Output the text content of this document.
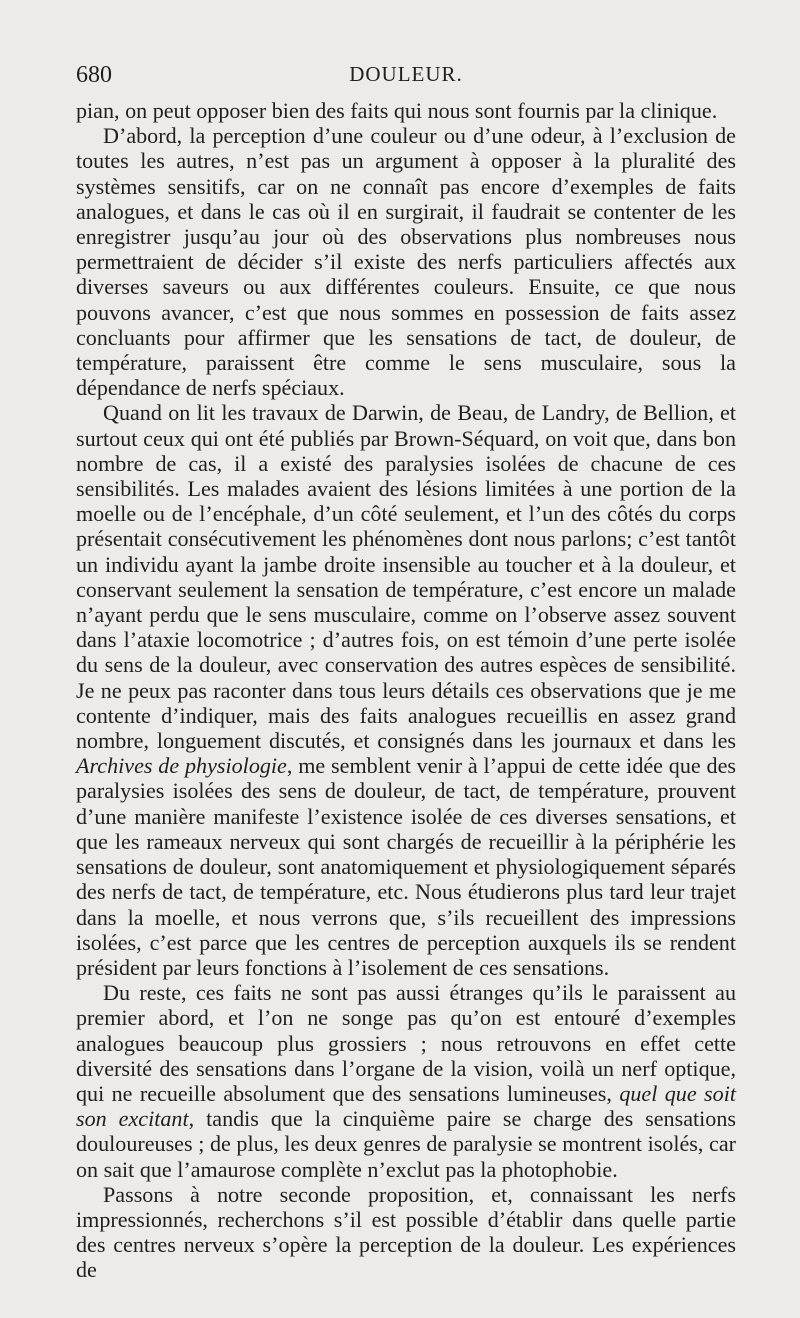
680	DOULEUR.

pian, on peut opposer bien des faits qui nous sont fournis par la clinique.

D’abord, la perception d’une couleur ou d’une odeur, à l’exclusion de toutes les autres, n’est pas un argument à opposer à la pluralité des systèmes sensitifs, car on ne connaît pas encore d’exemples de faits analogues, et dans le cas où il en surgirait, il faudrait se contenter de les enregistrer jusqu’au jour où des observations plus nombreuses nous permettraient de décider s’il existe des nerfs particuliers affectés aux diverses saveurs ou aux différentes couleurs. Ensuite, ce que nous pouvons avancer, c’est que nous sommes en possession de faits assez concluants pour affirmer que les sensations de tact, de douleur, de température, paraissent être comme le sens musculaire, sous la dépendance de nerfs spéciaux.

Quand on lit les travaux de Darwin, de Beau, de Landry, de Bellion, et surtout ceux qui ont été publiés par Brown-Séquard, on voit que, dans bon nombre de cas, il a existé des paralysies isolées de chacune de ces sensibilités. Les malades avaient des lésions limitées à une portion de la moelle ou de l’encéphale, d’un côté seulement, et l’un des côtés du corps présentait consécutivement les phénomènes dont nous parlons; c’est tantôt un individu ayant la jambe droite insensible au toucher et à la douleur, et conservant seulement la sensation de température, c’est encore un malade n’ayant perdu que le sens musculaire, comme on l’observe assez souvent dans l’ataxie locomotrice ; d’autres fois, on est témoin d’une perte isolée du sens de la douleur, avec conservation des autres espèces de sensibilité. Je ne peux pas raconter dans tous leurs détails ces observations que je me contente d’indiquer, mais des faits analogues recueillis en assez grand nombre, longuement discutés, et consignés dans les journaux et dans les Archives de physiologie, me semblent venir à l’appui de cette idée que des paralysies isolées des sens de douleur, de tact, de température, prouvent d’une manière manifeste l’existence isolée de ces diverses sensations, et que les rameaux nerveux qui sont chargés de recueillir à la périphérie les sensations de douleur, sont anatomiquement et physiologiquement séparés des nerfs de tact, de température, etc. Nous étudierons plus tard leur trajet dans la moelle, et nous verrons que, s’ils recueillent des impressions isolées, c’est parce que les centres de perception auxquels ils se rendent président par leurs fonctions à l’isolement de ces sensations.

Du reste, ces faits ne sont pas aussi étranges qu’ils le paraissent au premier abord, et l’on ne songe pas qu’on est entouré d’exemples analogues beaucoup plus grossiers ; nous retrouvons en effet cette diversité des sensations dans l’organe de la vision, voilà un nerf optique, qui ne recueille absolument que des sensations lumineuses, quel que soit son excitant, tandis que la cinquième paire se charge des sensations douloureuses ; de plus, les deux genres de paralysie se montrent isolés, car on sait que l’amaurose complète n’exclut pas la photophobie.

Passons à notre seconde proposition, et, connaissant les nerfs impressionnés, recherchons s’il est possible d’établir dans quelle partie des centres nerveux s’opère la perception de la douleur. Les expériences de
